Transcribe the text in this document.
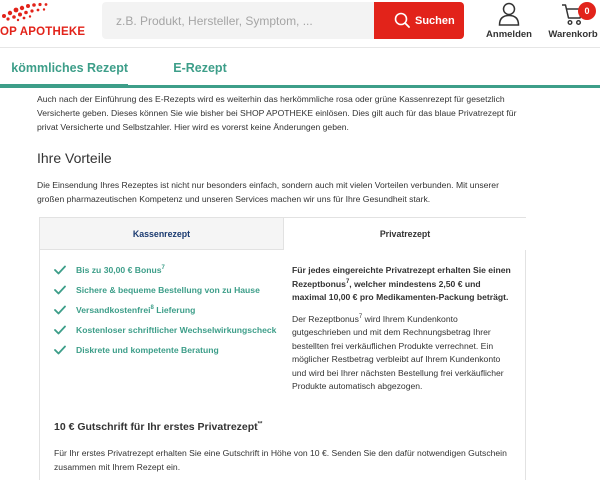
OP APOTHEKE
z.B. Produkt, Hersteller, Symptom, ...
Suchen
Anmelden
0
Warenkorb
kömmliches Rezept	E-Rezept

Auch nach der Einführung des E-Rezepts wird es weiterhin das herkömmliche rosa oder grüne Kassenrezept für gesetzlich Versicherte geben. Dieses können Sie wie bisher bei SHOP APOTHEKE einlösen. Dies gilt auch für das blaue Privatrezept für privat Versicherte und Selbstzahler. Hier wird es vorerst keine Änderungen geben.

Ihre Vorteile

Die Einsendung Ihres Rezeptes ist nicht nur besonders einfach, sondern auch mit vielen Vorteilen verbunden. Mit unserer großen pharmazeutischen Kompetenz und unseren Services machen wir uns für Ihre Gesundheit stark.

Kassenrezept	Privatrezept
Bis zu 30,00 € Bonus$^7$
Sichere & bequeme Bestellung von zu Hause
Versandkostenfrei$^8$ Lieferung
Kostenloser schriftlicher Wechselwirkungscheck
Diskrete und kompetente Beratung

Für jedes eingereichte Privatrezept erhalten Sie einen Rezeptbonus$^7$, welcher mindestens 2,50 € und maximal 10,00 € pro Medikamenten-Packung beträgt.

Der Rezeptbonus$^7$ wird Ihrem Kundenkonto gutgeschrieben und mit dem Rechnungsbetrag Ihrer bestellten frei verkäuflichen Produkte verrechnet. Ein möglicher Restbetrag verbleibt auf Ihrem Kundenkonto und wird bei Ihrer nächsten Bestellung frei verkäuflicher Produkte automatisch abgezogen.

10 € Gutschrift für Ihr erstes Privatrezept**

Für Ihr erstes Privatrezept erhalten Sie eine Gutschrift in Höhe von 10 €. Senden Sie den dafür notwendigen Gutschein zusammen mit Ihrem Rezept ein.
